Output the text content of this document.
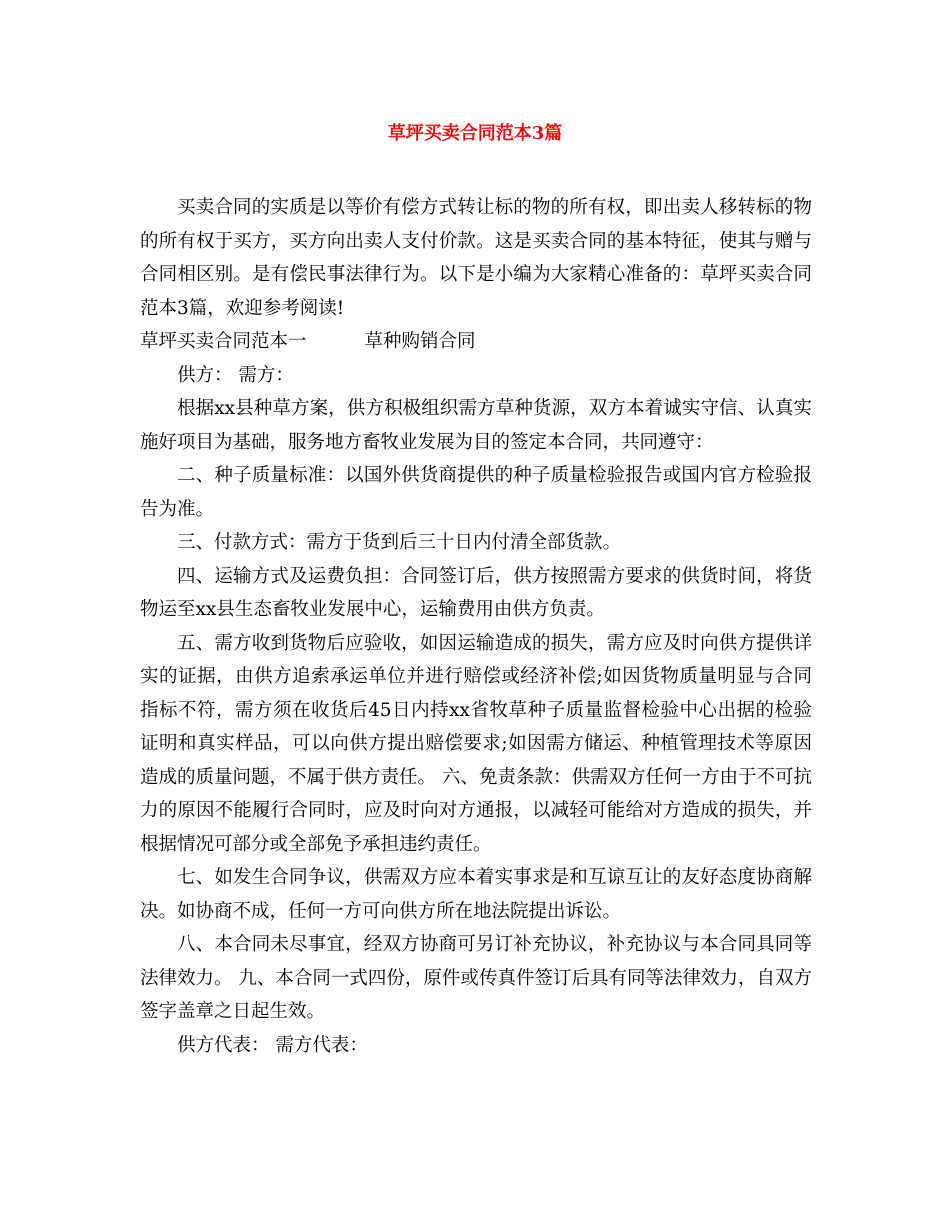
草坪买卖合同范本3篇

买卖合同的实质是以等价有偿方式转让标的物的所有权，即出卖人移转标的物的所有权于买方，买方向出卖人支付价款。这是买卖合同的基本特征，使其与赠与合同相区别。是有偿民事法律行为。以下是小编为大家精心准备的：草坪买卖合同范本3篇，欢迎参考阅读!

草坪买卖合同范本一	草种购销合同

供方： 需方：

根据xx县种草方案，供方积极组织需方草种货源，双方本着诚实守信、认真实施好项目为基础，服务地方畜牧业发展为目的签定本合同，共同遵守：

二、种子质量标准：以国外供货商提供的种子质量检验报告或国内官方检验报告为准。

三、付款方式：需方于货到后三十日内付清全部货款。

四、运输方式及运费负担：合同签订后，供方按照需方要求的供货时间，将货物运至xx县生态畜牧业发展中心，运输费用由供方负责。

五、需方收到货物后应验收，如因运输造成的损失，需方应及时向供方提供详实的证据，由供方追索承运单位并进行赔偿或经济补偿;如因货物质量明显与合同指标不符，需方须在收货后45日内持xx省牧草种子质量监督检验中心出据的检验证明和真实样品，可以向供方提出赔偿要求;如因需方储运、种植管理技术等原因造成的质量问题，不属于供方责任。 六、免责条款：供需双方任何一方由于不可抗力的原因不能履行合同时，应及时向对方通报，以减轻可能给对方造成的损失，并根据情况可部分或全部免予承担违约责任。

七、如发生合同争议，供需双方应本着实事求是和互谅互让的友好态度协商解决。如协商不成，任何一方可向供方所在地法院提出诉讼。

八、本合同未尽事宜，经双方协商可另订补充协议，补充协议与本合同具同等法律效力。 九、本合同一式四份，原件或传真件签订后具有同等法律效力，自双方签字盖章之日起生效。

供方代表： 需方代表：
